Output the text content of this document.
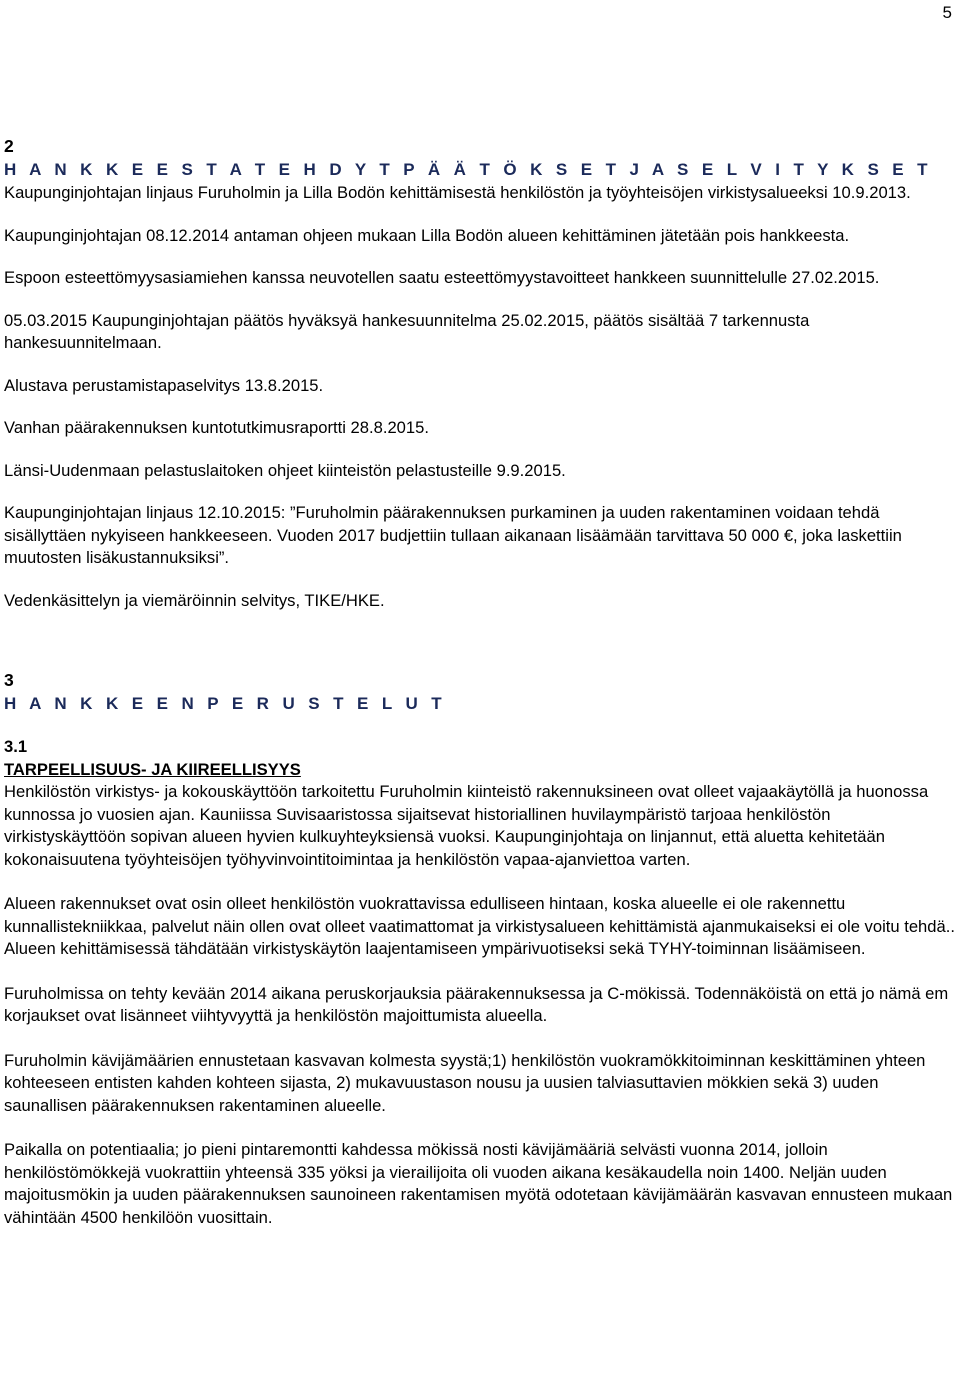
5
2
H A N K K E E S T A T E H D Y T P Ä Ä T Ö K S E T J A S E L V I T Y K S E T

Kaupunginjohtajan linjaus Furuholmin ja Lilla Bodön kehittämisestä henkilöstön ja työyhteisöjen virkistysalueeksi 10.9.2013.

Kaupunginjohtajan 08.12.2014 antaman ohjeen mukaan Lilla Bodön alueen kehittäminen jätetään pois hankkeesta.

Espoon esteettömyysasiamiehen kanssa neuvotellen saatu esteettömyystavoitteet hankkeen suunnittelulle 27.02.2015.

05.03.2015 Kaupunginjohtajan päätös hyväksyä hankesuunnitelma 25.02.2015, päätös sisältää 7 tarkennusta hankesuunnitelmaan.

Alustava perustamistapaselvitys 13.8.2015.

Vanhan päärakennuksen kuntotutkimusraportti 28.8.2015.

Länsi-Uudenmaan pelastuslaitoken ohjeet kiinteistön pelastusteille 9.9.2015.

Kaupunginjohtajan linjaus 12.10.2015: ”Furuholmin päärakennuksen purkaminen ja uuden rakentaminen voidaan tehdä sisällyttäen nykyiseen hankkeeseen. Vuoden 2017 budjettiin tullaan aikanaan lisäämään tarvittava 50 000 €, joka laskettiin muutosten lisäkustannuksiksi”.

Vedenkäsittelyn ja viemäröinnin selvitys, TIKE/HKE.

3
H A N K K E E N P E R U S T E L U T
3.1
TARPEELLISUUS- JA KIIREELLISYYS

Henkilöstön virkistys- ja kokouskäyttöön tarkoitettu Furuholmin kiinteistö rakennuksineen ovat olleet vajaakäytöllä ja huonossa kunnossa jo vuosien ajan. Kauniissa Suvisaaristossa sijaitsevat historiallinen huvilaympäristö tarjoaa henkilöstön virkistyskäyttöön sopivan alueen hyvien kulkuyhteyksiensä vuoksi. Kaupunginjohtaja on linjannut, että aluetta kehitetään kokonaisuutena työyhteisöjen työhyvinvointitoimintaa ja henkilöstön vapaa-ajanviettoa varten.

Alueen rakennukset ovat osin olleet henkilöstön vuokrattavissa edulliseen hintaan, koska alueelle ei ole rakennettu kunnallistekniikkaa, palvelut näin ollen ovat olleet vaatimattomat ja virkistysalueen kehittämistä ajanmukaiseksi ei ole voitu tehdä.. Alueen kehittämisessä tähdätään virkistyskäytön laajentamiseen ympärivuotiseksi sekä TYHY-toiminnan lisäämiseen.

Furuholmissa on tehty kevään 2014 aikana peruskorjauksia päärakennuksessa ja C-mökissä. Todennäköistä on että jo nämä em korjaukset ovat lisänneet viihtyvyyttä ja henkilöstön majoittumista alueella.

Furuholmin kävijämäärien ennustetaan kasvavan kolmesta syystä;1) henkilöstön vuokramökkitoiminnan keskittäminen yhteen kohteeseen entisten kahden kohteen sijasta, 2) mukavuustason nousu ja uusien talviasuttavien mökkien sekä 3) uuden saunallisen päärakennuksen rakentaminen alueelle.

Paikalla on potentiaalia; jo pieni pintaremontti kahdessa mökissä nosti kävijämääriä selvästi vuonna 2014, jolloin henkilöstömökkejä vuokrattiin yhteensä 335 yöksi ja vierailijoita oli vuoden aikana kesäkaudella noin 1400. Neljän uuden majoitusmökin ja uuden päärakennuksen saunoineen rakentamisen myötä odotetaan kävijämäärän kasvavan ennusteen mukaan vähintään 4500 henkilöön vuosittain.
